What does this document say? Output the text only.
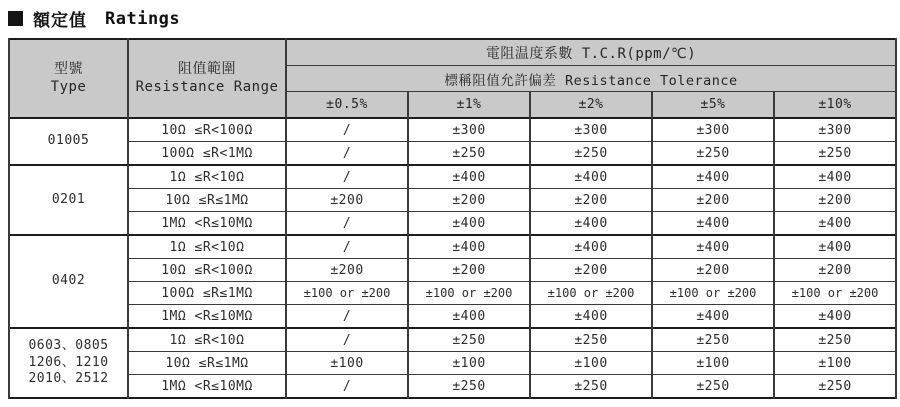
額定值 Ratings
型號
Type

阻值範圍
Resistance Range
	電阻温度系數 T.C.R(ppm/℃)
		標稱阻值允許偏差 Resistance Tolerance				
		±0.5%	±1%	±2%	±5%	±10%

01005	10Ω ≤R<100Ω	/	±300	±300	±300	±300
	100Ω ≤R<1MΩ	/	±250	±250	±250	±250

0201	1Ω ≤R<10Ω	/	±400	±400	±400	±400
	10Ω ≤R≤1MΩ	±200	±200	±200	±200	±200
	1MΩ <R≤10MΩ	/	±400	±400	±400	±400

0402	1Ω ≤R<10Ω	/	±400	±400	±400	±400
	10Ω ≤R<100Ω	±200	±200	±200	±200	±200
	100Ω ≤R≤1MΩ	±100 or ±200	±100 or ±200	±100 or ±200	±100 or ±200	±100 or ±200
	1MΩ <R≤10MΩ	/	±400	±400	±400	±400

0603、0805
1206、1210
2010、2512	1Ω ≤R<10Ω	/	±250	±250	±250	±250
	10Ω ≤R≤1MΩ	±100	±100	±100	±100	±100
	1MΩ <R≤10MΩ	/	±250	±250	±250	±250
